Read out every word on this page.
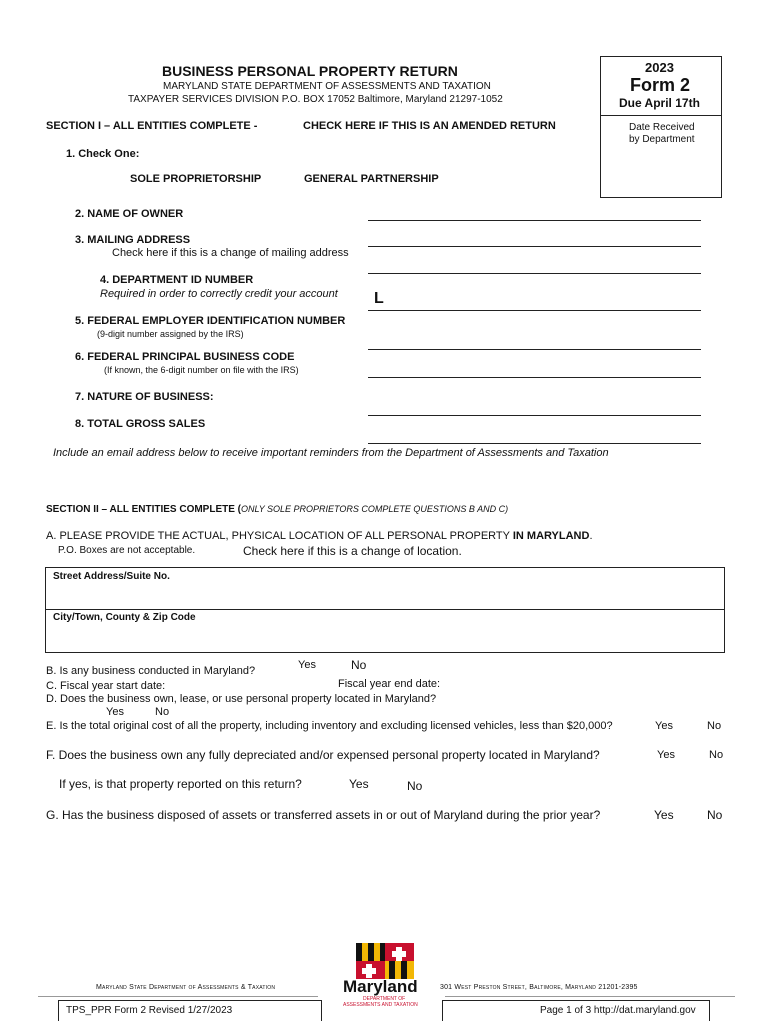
BUSINESS PERSONAL PROPERTY RETURN
MARYLAND STATE DEPARTMENT OF ASSESSMENTS AND TAXATION
TAXPAYER SERVICES DIVISION P.O. BOX 17052 Baltimore, Maryland 21297-1052
2023
Form 2
Due April 17th
Date Received
by Department
SECTION I – ALL ENTITIES COMPLETE -	CHECK HERE IF THIS IS AN AMENDED RETURN
1. Check One:
SOLE PROPRIETORSHIP	GENERAL PARTNERSHIP
2. NAME OF OWNER
3. MAILING ADDRESS
Check here if this is a change of mailing address
4. DEPARTMENT ID NUMBER
Required in order to correctly credit your account L
5. FEDERAL EMPLOYER IDENTIFICATION NUMBER
(9-digit number assigned by the IRS)
6. FEDERAL PRINCIPAL BUSINESS CODE
(If known, the 6-digit number on file with the IRS)
7. NATURE OF BUSINESS:
8. TOTAL GROSS SALES
Include an email address below to receive important reminders from the Department of Assessments and Taxation
SECTION II – ALL ENTITIES COMPLETE (ONLY SOLE PROPRIETORS COMPLETE QUESTIONS B AND C)
A. PLEASE PROVIDE THE ACTUAL, PHYSICAL LOCATION OF ALL PERSONAL PROPERTY IN MARYLAND.
P.O. Boxes are not acceptable.	Check here if this is a change of location.
Street Address/Suite No.
City/Town, County & Zip Code
B. Is any business conducted in Maryland?	Yes	No
C. Fiscal year start date:	Fiscal year end date:
D. Does the business own, lease, or use personal property located in Maryland?
Yes	No
E. Is the total original cost of all the property, including inventory and excluding licensed vehicles, less than $20,000?	Yes	No
F. Does the business own any fully depreciated and/or expensed personal property located in Maryland?	Yes	No
If yes, is that property reported on this return?	Yes	No
G. Has the business disposed of assets or transferred assets in or out of Maryland during the prior year?	Yes	No
Maryland
DEPARTMENT OF
ASSESSMENTS AND TAXATION
Maryland State Department of Assessments & Taxation	301 West Preston Street, Baltimore, Maryland 21201-2395
TPS_PPR Form 2 Revised 1/27/2023	Page 1 of 3 http://dat.maryland.gov
